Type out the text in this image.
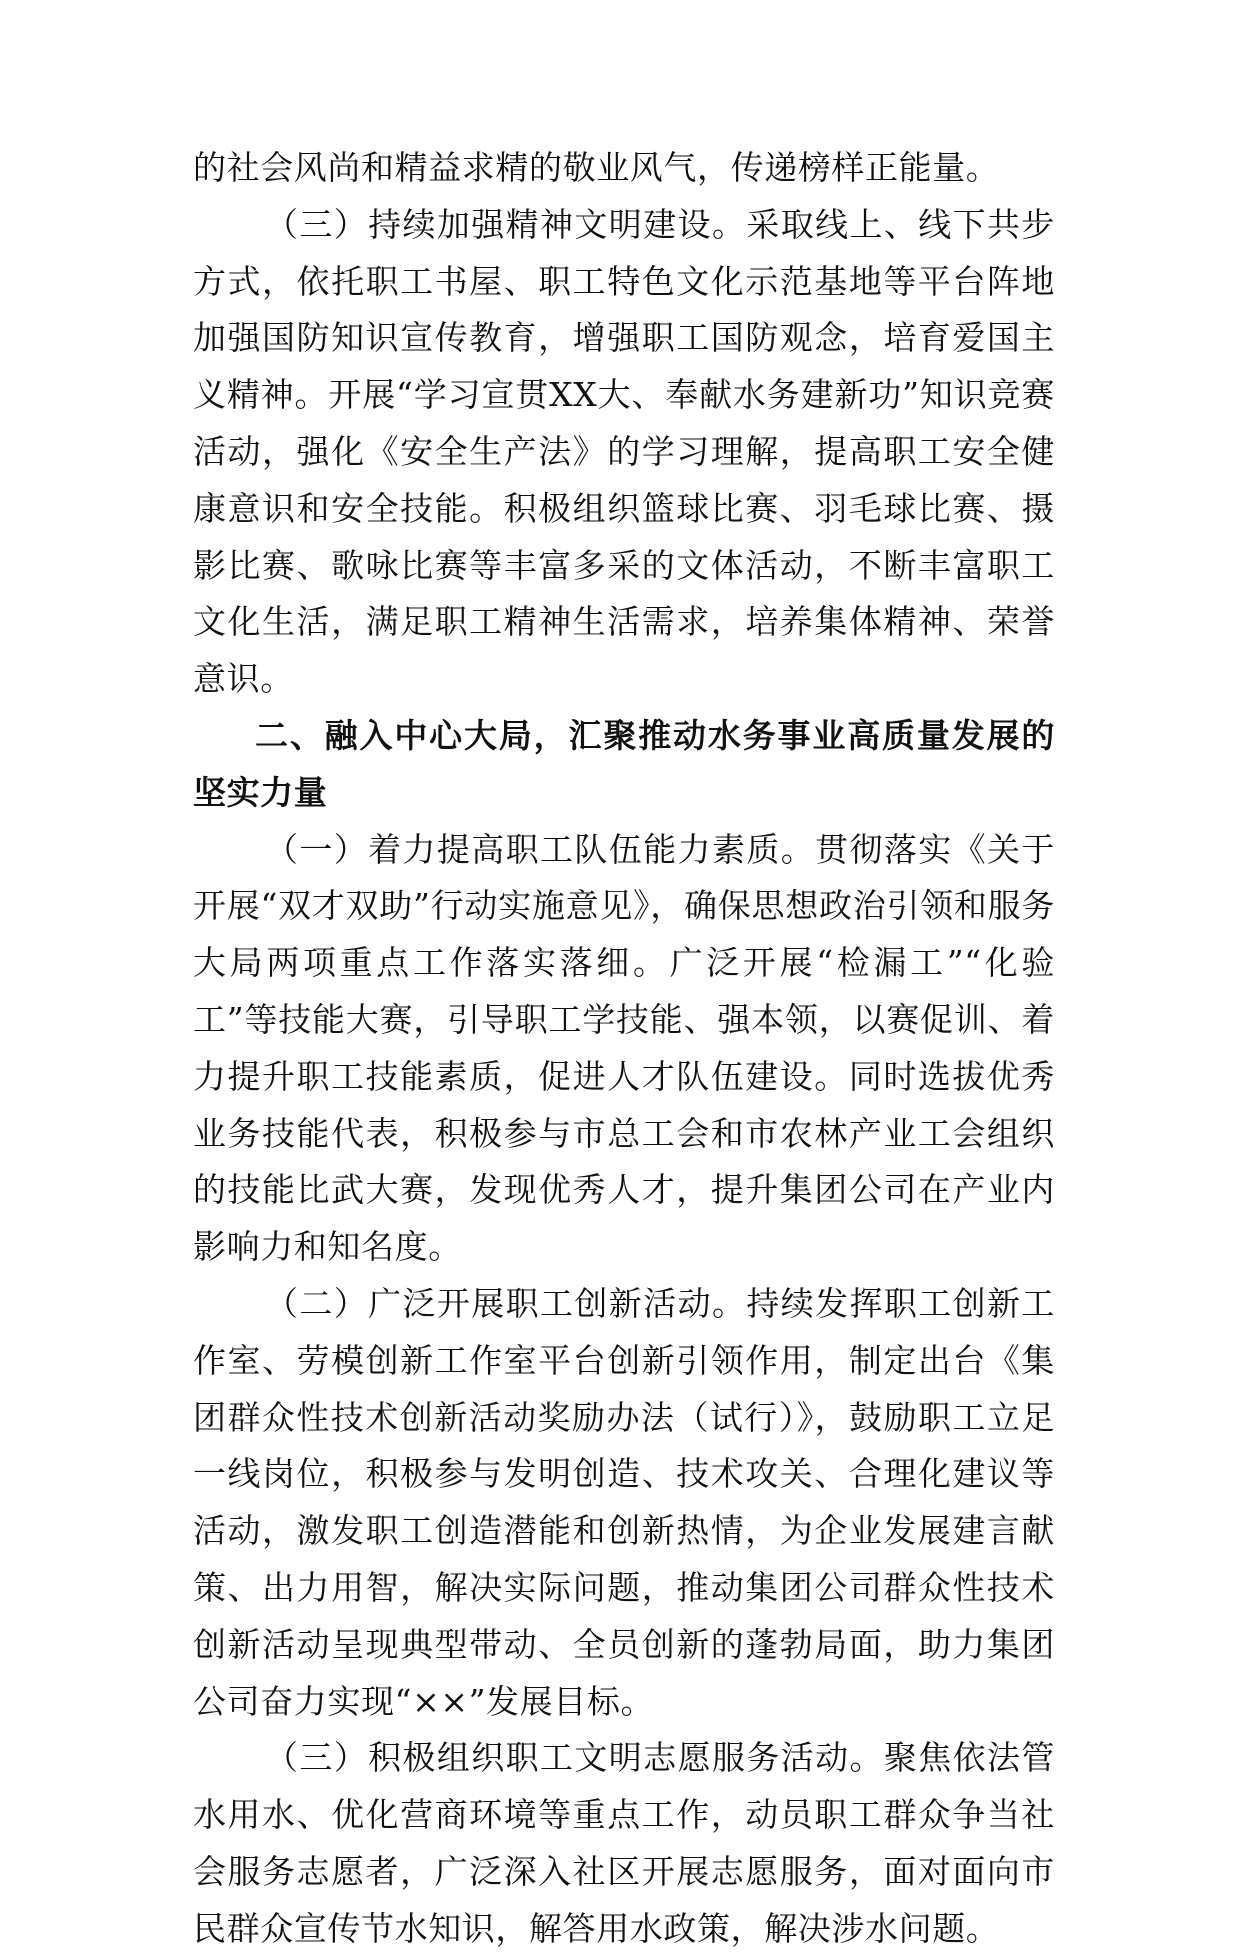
的社会风尚和精益求精的敬业风气，传递榜样正能量。

（三）持续加强精神文明建设。采取线上、线下共步方式，依托职工书屋、职工特色文化示范基地等平台阵地加强国防知识宣传教育，增强职工国防观念，培育爱国主义精神。开展“学习宣贯XX大、奉献水务建新功”知识竞赛活动，强化《安全生产法》的学习理解，提高职工安全健康意识和安全技能。积极组织篮球比赛、羽毛球比赛、摄影比赛、歌咏比赛等丰富多采的文体活动，不断丰富职工文化生活，满足职工精神生活需求，培养集体精神、荣誉意识。

二、融入中心大局，汇聚推动水务事业高质量发展的坚实力量

（一）着力提高职工队伍能力素质。贯彻落实《关于开展“双才双助”行动实施意见》，确保思想政治引领和服务大局两项重点工作落实落细。广泛开展“检漏工”“化验工”等技能大赛，引导职工学技能、强本领，以赛促训、着力提升职工技能素质，促进人才队伍建设。同时选拔优秀业务技能代表，积极参与市总工会和市农林产业工会组织的技能比武大赛，发现优秀人才，提升集团公司在产业内影响力和知名度。

（二）广泛开展职工创新活动。持续发挥职工创新工作室、劳模创新工作室平台创新引领作用，制定出台《集团群众性技术创新活动奖励办法（试行）》，鼓励职工立足一线岗位，积极参与发明创造、技术攻关、合理化建议等活动，激发职工创造潜能和创新热情，为企业发展建言献策、出力用智，解决实际问题，推动集团公司群众性技术创新活动呈现典型带动、全员创新的蓬勃局面，助力集团公司奋力实现“××”发展目标。

（三）积极组织职工文明志愿服务活动。聚焦依法管水用水、优化营商环境等重点工作，动员职工群众争当社会服务志愿者，广泛深入社区开展志愿服务，面对面向市民群众宣传节水知识，解答用水政策，解决涉水问题。
